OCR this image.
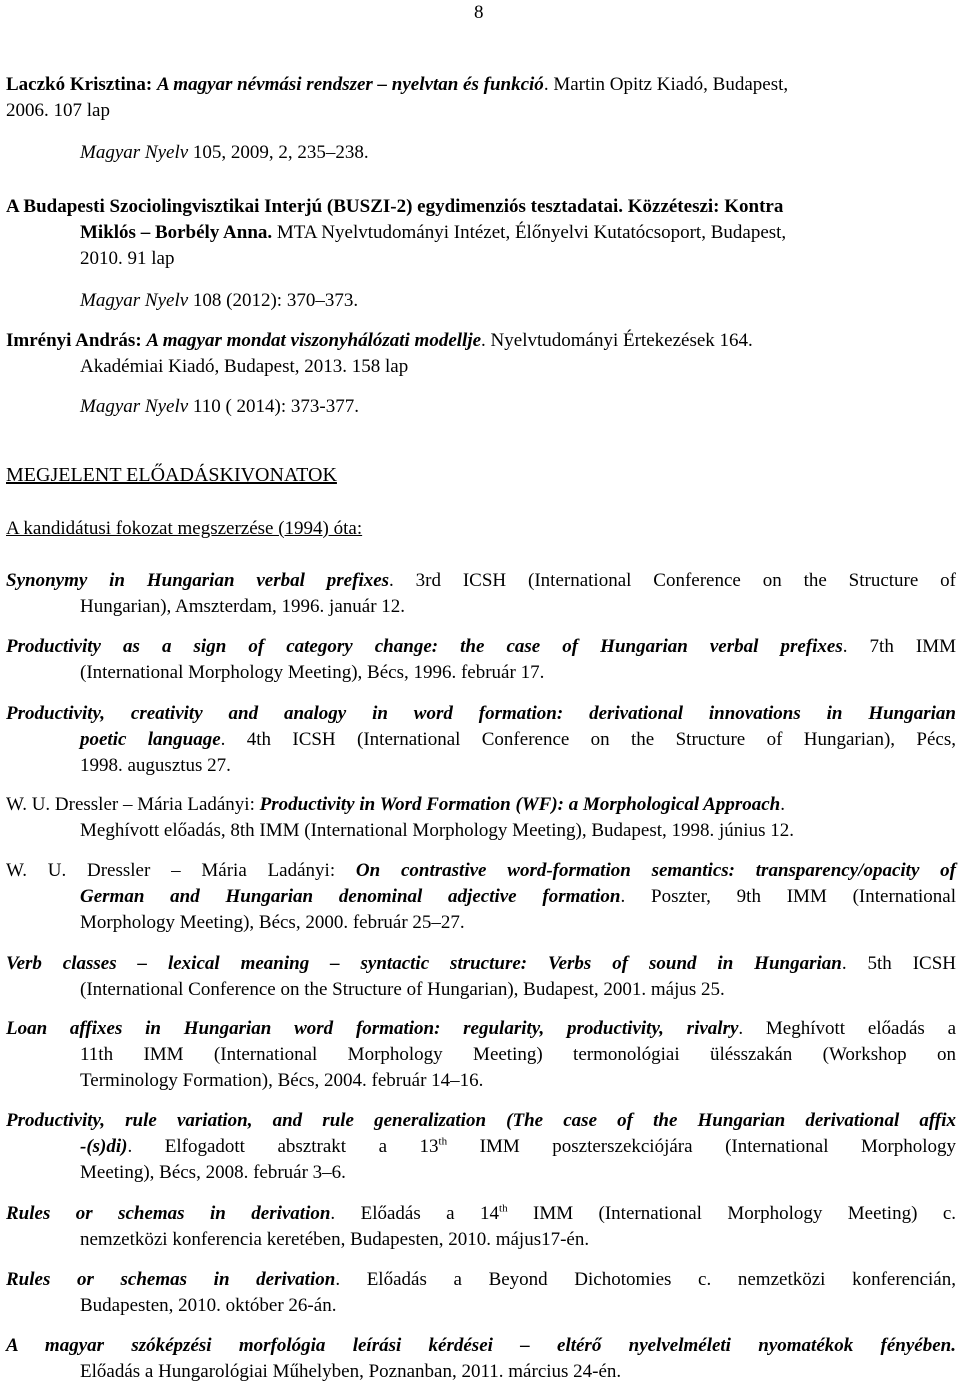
8
Laczkó Krisztina: A magyar névmási rendszer – nyelvtan és funkció. Martin Opitz Kiadó, Budapest,
2006. 107 lap
Magyar Nyelv 105, 2009, 2, 235–238.
A Budapesti Szociolingvisztikai Interjú (BUSZI-2) egydimenziós tesztadatai. Közzéteszi: Kontra
Miklós – Borbély Anna. MTA Nyelvtudományi Intézet, Élőnyelvi Kutatócsoport, Budapest,
2010. 91 lap
Magyar Nyelv 108 (2012): 370–373.
Imrényi András: A magyar mondat viszonyhálózati modellje. Nyelvtudományi Értekezések 164.
Akadémiai Kiadó, Budapest, 2013. 158 lap
Magyar Nyelv 110 ( 2014): 373-377.
MEGJELENT ELŐADÁSKIVONATOK
A kandidátusi fokozat megszerzése (1994) óta:
Synonymy in Hungarian verbal prefixes. 3rd ICSH (International Conference on the Structure of
Hungarian), Amszterdam, 1996. január 12.
Productivity as a sign of category change: the case of Hungarian verbal prefixes. 7th IMM
(International Morphology Meeting), Bécs, 1996. február 17.
Productivity, creativity and analogy in word formation: derivational innovations in Hungarian
poetic language. 4th ICSH (International Conference on the Structure of Hungarian), Pécs,
1998. augusztus 27.
W. U. Dressler – Mária Ladányi: Productivity in Word Formation (WF): a Morphological Approach.
Meghívott előadás, 8th IMM (International Morphology Meeting), Budapest, 1998. június 12.
W. U. Dressler – Mária Ladányi: On contrastive word-formation semantics: transparency/opacity of
German and Hungarian denominal adjective formation. Poszter, 9th IMM (International
Morphology Meeting), Bécs, 2000. február 25–27.
Verb classes – lexical meaning – syntactic structure: Verbs of sound in Hungarian. 5th ICSH
(International Conference on the Structure of Hungarian), Budapest, 2001. május 25.
Loan affixes in Hungarian word formation: regularity, productivity, rivalry. Meghívott előadás a
11th IMM (International Morphology Meeting) termonológiai ülésszakán (Workshop on
Terminology Formation), Bécs, 2004. február 14–16.
Productivity, rule variation, and rule generalization (The case of the Hungarian derivational affix
-(s)di). Elfogadott absztrakt a 13th IMM poszterszekciójára (International Morphology
Meeting), Bécs, 2008. február 3–6.
Rules or schemas in derivation. Előadás a 14th IMM (International Morphology Meeting) c.
nemzetközi konferencia keretében, Budapesten, 2010. május17-én.
Rules or schemas in derivation. Előadás a Beyond Dichotomies c. nemzetközi konferencián,
Budapesten, 2010. október 26-án.
A magyar szóképzési morfológia leírási kérdései – eltérő nyelvelméleti nyomatékok fényében.
Előadás a Hungarológiai Műhelyben, Poznanban, 2011. március 24-én.
